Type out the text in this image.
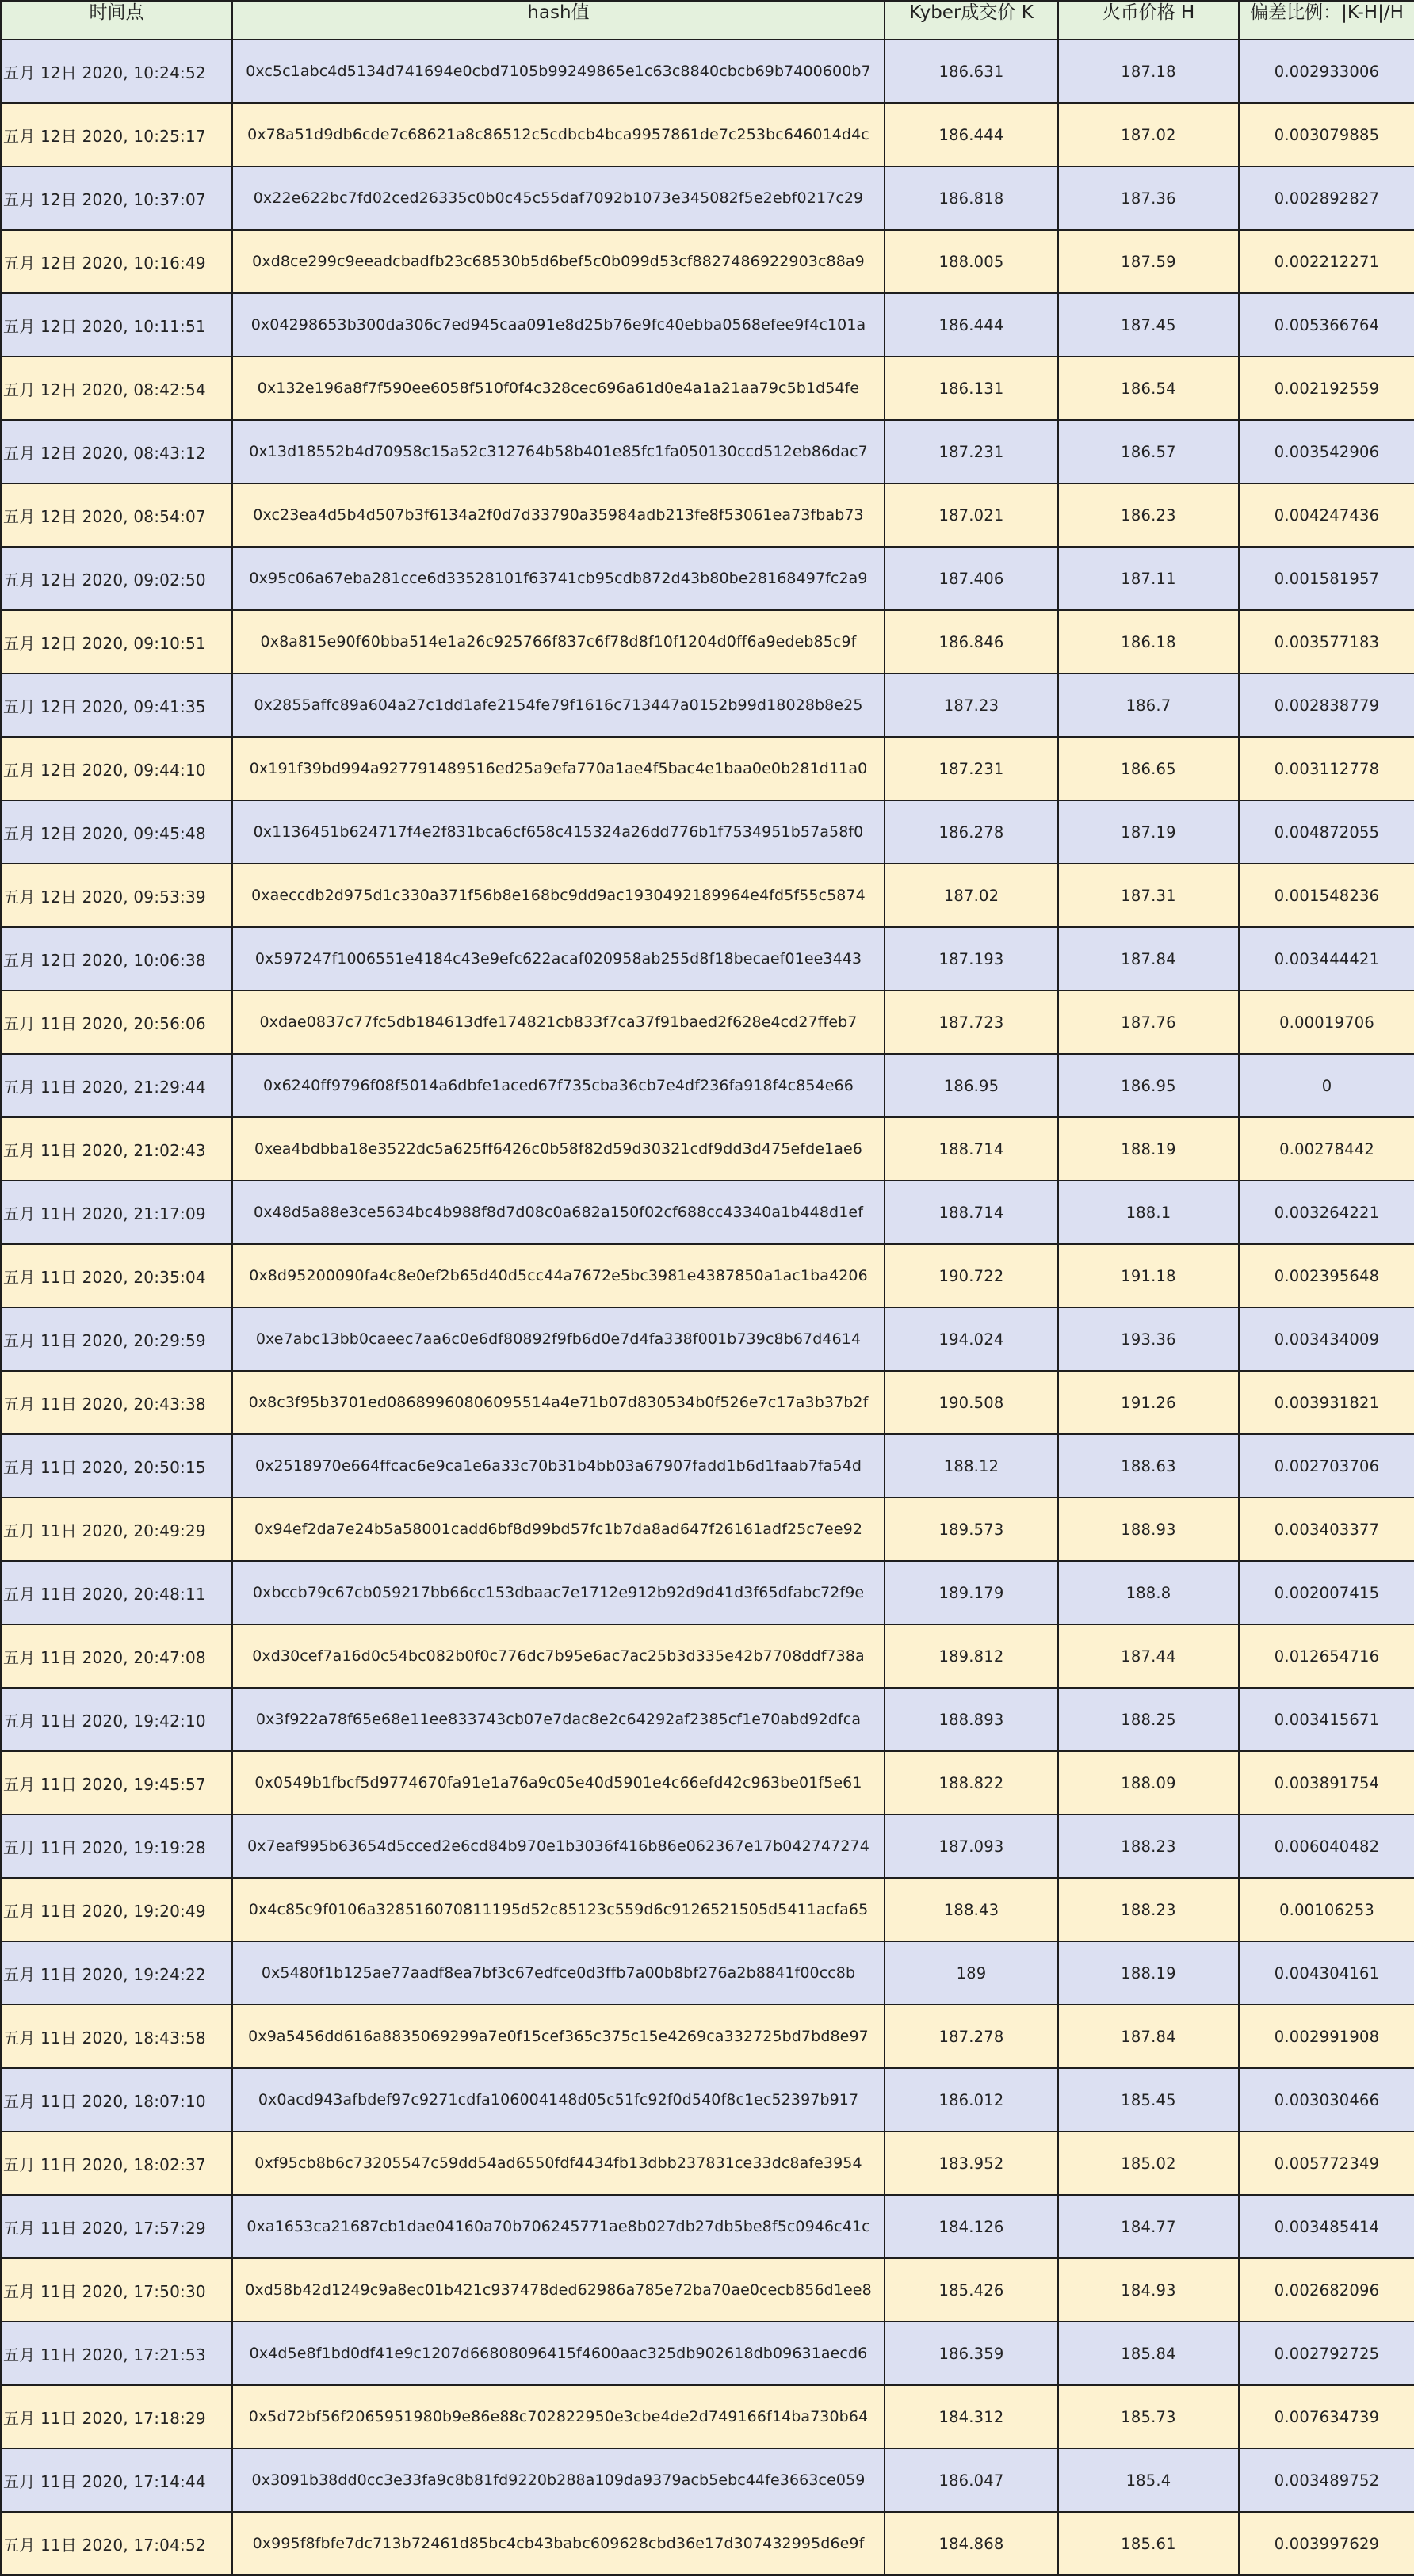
时间点	hash值	Kyber成交价 K	火币价格 H	偏差比例：|K-H|/H
五月 12日 2020, 10:24:52	0xc5c1abc4d5134d741694e0cbd7105b99249865e1c63c8840cbcb69b7400600b7	186.631	187.18	0.002933006
五月 12日 2020, 10:25:17	0x78a51d9db6cde7c68621a8c86512c5cdbcb4bca9957861de7c253bc646014d4c	186.444	187.02	0.003079885
五月 12日 2020, 10:37:07	0x22e622bc7fd02ced26335c0b0c45c55daf7092b1073e345082f5e2ebf0217c29	186.818	187.36	0.002892827
五月 12日 2020, 10:16:49	0xd8ce299c9eeadcbadfb23c68530b5d6bef5c0b099d53cf8827486922903c88a9	188.005	187.59	0.002212271
五月 12日 2020, 10:11:51	0x04298653b300da306c7ed945caa091e8d25b76e9fc40ebba0568efee9f4c101a	186.444	187.45	0.005366764
五月 12日 2020, 08:42:54	0x132e196a8f7f590ee6058f510f0f4c328cec696a61d0e4a1a21aa79c5b1d54fe	186.131	186.54	0.002192559
五月 12日 2020, 08:43:12	0x13d18552b4d70958c15a52c312764b58b401e85fc1fa050130ccd512eb86dac7	187.231	186.57	0.003542906
五月 12日 2020, 08:54:07	0xc23ea4d5b4d507b3f6134a2f0d7d33790a35984adb213fe8f53061ea73fbab73	187.021	186.23	0.004247436
五月 12日 2020, 09:02:50	0x95c06a67eba281cce6d33528101f63741cb95cdb872d43b80be28168497fc2a9	187.406	187.11	0.001581957
五月 12日 2020, 09:10:51	0x8a815e90f60bba514e1a26c925766f837c6f78d8f10f1204d0ff6a9edeb85c9f	186.846	186.18	0.003577183
五月 12日 2020, 09:41:35	0x2855affc89a604a27c1dd1afe2154fe79f1616c713447a0152b99d18028b8e25	187.23	186.7	0.002838779
五月 12日 2020, 09:44:10	0x191f39bd994a927791489516ed25a9efa770a1ae4f5bac4e1baa0e0b281d11a0	187.231	186.65	0.003112778
五月 12日 2020, 09:45:48	0x1136451b624717f4e2f831bca6cf658c415324a26dd776b1f7534951b57a58f0	186.278	187.19	0.004872055
五月 12日 2020, 09:53:39	0xaeccdb2d975d1c330a371f56b8e168bc9dd9ac1930492189964e4fd5f55c5874	187.02	187.31	0.001548236
五月 12日 2020, 10:06:38	0x597247f1006551e4184c43e9efc622acaf020958ab255d8f18becaef01ee3443	187.193	187.84	0.003444421
五月 11日 2020, 20:56:06	0xdae0837c77fc5db184613dfe174821cb833f7ca37f91baed2f628e4cd27ffeb7	187.723	187.76	0.00019706
五月 11日 2020, 21:29:44	0x6240ff9796f08f5014a6dbfe1aced67f735cba36cb7e4df236fa918f4c854e66	186.95	186.95	0
五月 11日 2020, 21:02:43	0xea4bdbba18e3522dc5a625ff6426c0b58f82d59d30321cdf9dd3d475efde1ae6	188.714	188.19	0.00278442
五月 11日 2020, 21:17:09	0x48d5a88e3ce5634bc4b988f8d7d08c0a682a150f02cf688cc43340a1b448d1ef	188.714	188.1	0.003264221
五月 11日 2020, 20:35:04	0x8d95200090fa4c8e0ef2b65d40d5cc44a7672e5bc3981e4387850a1ac1ba4206	190.722	191.18	0.002395648
五月 11日 2020, 20:29:59	0xe7abc13bb0caeec7aa6c0e6df80892f9fb6d0e7d4fa338f001b739c8b67d4614	194.024	193.36	0.003434009
五月 11日 2020, 20:43:38	0x8c3f95b3701ed08689960806095514a4e71b07d830534b0f526e7c17a3b37b2f	190.508	191.26	0.003931821
五月 11日 2020, 20:50:15	0x2518970e664ffcac6e9ca1e6a33c70b31b4bb03a67907fadd1b6d1faab7fa54d	188.12	188.63	0.002703706
五月 11日 2020, 20:49:29	0x94ef2da7e24b5a58001cadd6bf8d99bd57fc1b7da8ad647f26161adf25c7ee92	189.573	188.93	0.003403377
五月 11日 2020, 20:48:11	0xbccb79c67cb059217bb66cc153dbaac7e1712e912b92d9d41d3f65dfabc72f9e	189.179	188.8	0.002007415
五月 11日 2020, 20:47:08	0xd30cef7a16d0c54bc082b0f0c776dc7b95e6ac7ac25b3d335e42b7708ddf738a	189.812	187.44	0.012654716
五月 11日 2020, 19:42:10	0x3f922a78f65e68e11ee833743cb07e7dac8e2c64292af2385cf1e70abd92dfca	188.893	188.25	0.003415671
五月 11日 2020, 19:45:57	0x0549b1fbcf5d9774670fa91e1a76a9c05e40d5901e4c66efd42c963be01f5e61	188.822	188.09	0.003891754
五月 11日 2020, 19:19:28	0x7eaf995b63654d5cced2e6cd84b970e1b3036f416b86e062367e17b042747274	187.093	188.23	0.006040482
五月 11日 2020, 19:20:49	0x4c85c9f0106a328516070811195d52c85123c559d6c9126521505d5411acfa65	188.43	188.23	0.00106253
五月 11日 2020, 19:24:22	0x5480f1b125ae77aadf8ea7bf3c67edfce0d3ffb7a00b8bf276a2b8841f00cc8b	189	188.19	0.004304161
五月 11日 2020, 18:43:58	0x9a5456dd616a8835069299a7e0f15cef365c375c15e4269ca332725bd7bd8e97	187.278	187.84	0.002991908
五月 11日 2020, 18:07:10	0x0acd943afbdef97c9271cdfa106004148d05c51fc92f0d540f8c1ec52397b917	186.012	185.45	0.003030466
五月 11日 2020, 18:02:37	0xf95cb8b6c73205547c59dd54ad6550fdf4434fb13dbb237831ce33dc8afe3954	183.952	185.02	0.005772349
五月 11日 2020, 17:57:29	0xa1653ca21687cb1dae04160a70b706245771ae8b027db27db5be8f5c0946c41c	184.126	184.77	0.003485414
五月 11日 2020, 17:50:30	0xd58b42d1249c9a8ec01b421c937478ded62986a785e72ba70ae0cecb856d1ee8	185.426	184.93	0.002682096
五月 11日 2020, 17:21:53	0x4d5e8f1bd0df41e9c1207d66808096415f4600aac325db902618db09631aecd6	186.359	185.84	0.002792725
五月 11日 2020, 17:18:29	0x5d72bf56f2065951980b9e86e88c702822950e3cbe4de2d749166f14ba730b64	184.312	185.73	0.007634739
五月 11日 2020, 17:14:44	0x3091b38dd0cc3e33fa9c8b81fd9220b288a109da9379acb5ebc44fe3663ce059	186.047	185.4	0.003489752
五月 11日 2020, 17:04:52	0x995f8fbfe7dc713b72461d85bc4cb43babc609628cbd36e17d307432995d6e9f	184.868	185.61	0.003997629
